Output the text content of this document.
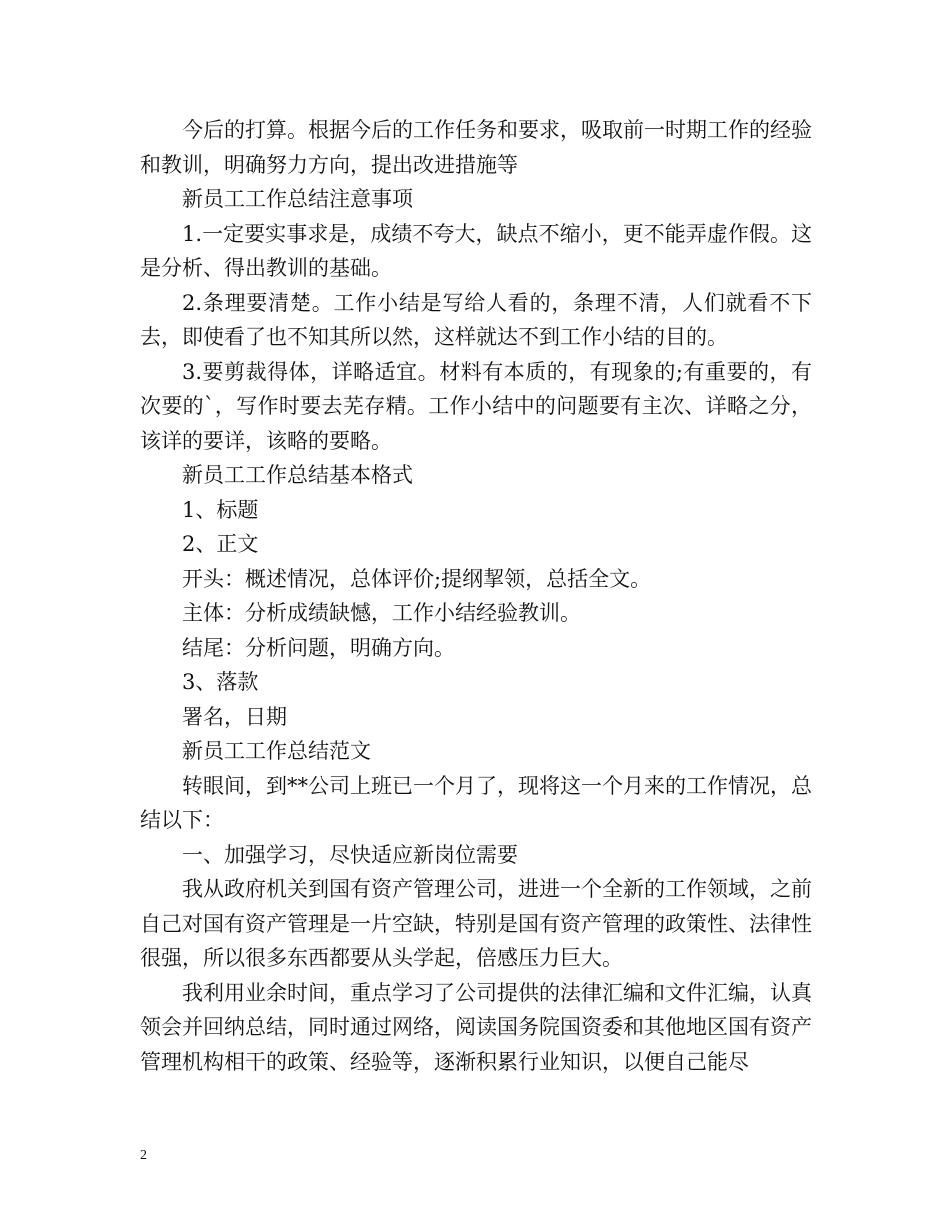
今后的打算。根据今后的工作任务和要求，吸取前一时期工作的经验和教训，明确努力方向，提出改进措施等

新员工工作总结注意事项

1.一定要实事求是，成绩不夸大，缺点不缩小，更不能弄虚作假。这是分析、得出教训的基础。

2.条理要清楚。工作小结是写给人看的，条理不清，人们就看不下去，即使看了也不知其所以然，这样就达不到工作小结的目的。

3.要剪裁得体，详略适宜。材料有本质的，有现象的;有重要的，有次要的`，写作时要去芜存精。工作小结中的问题要有主次、详略之分，该详的要详，该略的要略。

新员工工作总结基本格式

1、标题

2、正文

开头：概述情况，总体评价;提纲挈领，总括全文。

主体：分析成绩缺憾，工作小结经验教训。

结尾：分析问题，明确方向。

3、落款

署名，日期

新员工工作总结范文

转眼间，到**公司上班已一个月了，现将这一个月来的工作情况，总结以下：

一、加强学习，尽快适应新岗位需要

我从政府机关到国有资产管理公司，进进一个全新的工作领域，之前自己对国有资产管理是一片空缺，特别是国有资产管理的政策性、法律性很强，所以很多东西都要从头学起，倍感压力巨大。

我利用业余时间，重点学习了公司提供的法律汇编和文件汇编，认真领会并回纳总结，同时通过网络，阅读国务院国资委和其他地区国有资产管理机构相干的政策、经验等，逐渐积累行业知识，以便自己能尽

2
